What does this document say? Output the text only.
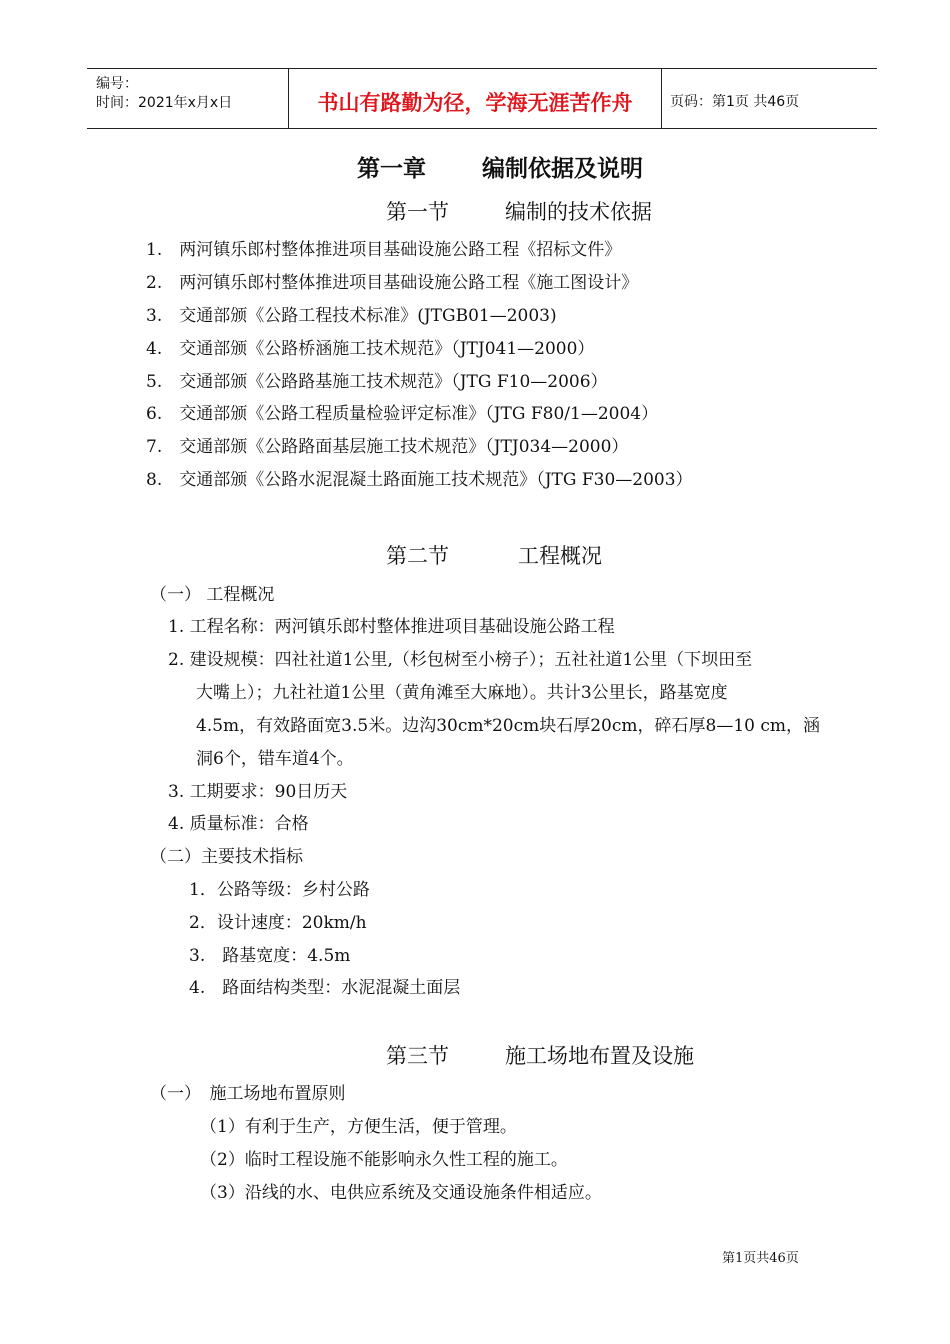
编号：
时间：2021年x月x日	书山有路勤为径，学海无涯苦作舟	页码：第1页 共46页
第一章 编制依据及说明
第一节	编制的技术依据
1.　两河镇乐郎村整体推进项目基础设施公路工程《招标文件》
2.　两河镇乐郎村整体推进项目基础设施公路工程《施工图设计》
3.　交通部颁《公路工程技术标准》(JTGB01—2003)
4.　交通部颁《公路桥涵施工技术规范》（JTJ041—2000）
5.　交通部颁《公路路基施工技术规范》（JTG F10—2006）
6.　交通部颁《公路工程质量检验评定标准》（JTG F80/1—2004）
7.　交通部颁《公路路面基层施工技术规范》（JTJ034—2000）
8.　交通部颁《公路水泥混凝土路面施工技术规范》（JTG F30—2003）
第二节	工程概况
（一） 工程概况
1. 工程名称：两河镇乐郎村整体推进项目基础设施公路工程
2. 建设规模：四社社道1公里,（杉包树至小榜子）；五社社道1公里（下坝田至
大嘴上）；九社社道1公里（黄角滩至大麻地）。共计3公里长，路基宽度
4.5m，有效路面宽3.5米。边沟30cm*20cm块石厚20cm，碎石厚8—10 cm，涵
洞6个，错车道4个。
3. 工期要求：90日历天
4. 质量标准：合格
（二）主要技术指标
1．公路等级：乡村公路
2．设计速度：20km/h
3.　路基宽度：4.5m
4.　路面结构类型：水泥混凝土面层
第三节	施工场地布置及设施
（一）　施工场地布置原则
（1）有利于生产，方便生活，便于管理。
（2）临时工程设施不能影响永久性工程的施工。
（3）沿线的水、电供应系统及交通设施条件相适应。
第1页共46页
